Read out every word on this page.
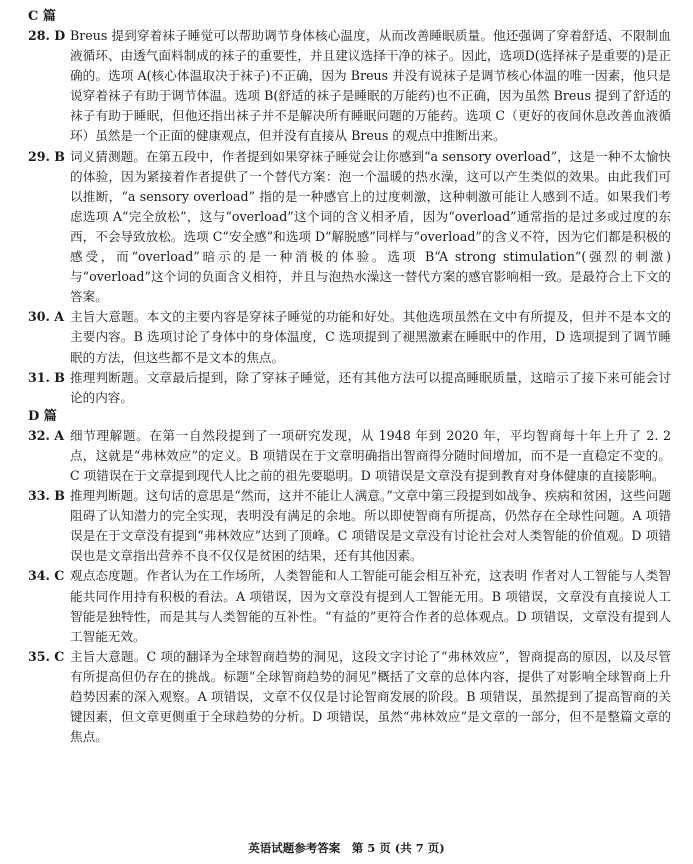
C 篇
28. D Breus 提到穿着袜子睡觉可以帮助调节身体核心温度，从而改善睡眠质量。他还强调了穿着舒适、不限制血液循环、由透气面料制成的袜子的重要性，并且建议选择干净的袜子。因此，选项D(选择袜子是重要的)是正确的。选项 A(核心体温取决于袜子)不正确，因为 Breus 并没有说袜子是调节核心体温的唯一因素，他只是说穿着袜子有助于调节体温。选项 B(舒适的袜子是睡眠的万能药)也不正确，因为虽然 Breus 提到了舒适的袜子有助于睡眠，但他还指出袜子并不是解决所有睡眠问题的万能药。选项 C（更好的夜间休息改善血液循环）虽然是一个正面的健康观点，但并没有直接从 Breus 的观点中推断出来。
29. B 词义猜测题。在第五段中，作者提到如果穿袜子睡觉会让你感到“a sensory overload”，这是一种不太愉快的体验，因为紧接着作者提供了一个替代方案：泡一个温暖的热水澡，这可以产生类似的效果。由此我们可以推断，“a sensory overload” 指的是一种感官上的过度刺激，这种刺激可能让人感到不适。如果我们考虑选项 A“完全放松”，这与“overload”这个词的含义相矛盾，因为“overload”通常指的是过多或过度的东西，不会导致放松。选项 C“安全感”和选项 D“解脱感”同样与“overload”的含义不符，因为它们都是积极的感受，而“overload”暗示的是一种消极的体验。选项 B“A strong stimulation”(强烈的刺激)与“overload”这个词的负面含义相符，并且与泡热水澡这一替代方案的感官影响相一致。是最符合上下文的答案。
30. A 主旨大意题。本文的主要内容是穿袜子睡觉的功能和好处。其他选项虽然在文中有所提及，但并不是本文的主要内容。B 选项讨论了身体中的身体温度，C 选项提到了褪黑激素在睡眠中的作用，D 选项提到了调节睡眠的方法，但这些都不是文本的焦点。
31. B 推理判断题。文章最后提到，除了穿袜子睡觉，还有其他方法可以提高睡眠质量，这暗示了接下来可能会讨论的内容。
D 篇
32. A 细节理解题。在第一自然段提到了一项研究发现，从 1948 年到 2020 年，平均智商每十年上升了 2. 2 点，这就是“弗林效应”的定义。B 项错误在于文章明确指出智商得分随时间增加，而不是一直稳定不变的。C 项错误在于文章提到现代人比之前的祖先要聪明。D 项错误是文章没有提到教育对身体健康的直接影响。
33. B 推理判断题。这句话的意思是“然而，这并不能让人满意。”文章中第三段提到如战争、疾病和贫困，这些问题阻碍了认知潜力的完全实现，表明没有满足的余地。所以即使智商有所提高，仍然存在全球性问题。A 项错误是在于文章没有提到“弗林效应”达到了顶峰。C 项错误是文章没有讨论社会对人类智能的价值观。D 项错误也是文章指出营养不良不仅仅是贫困的结果，还有其他因素。
34. C 观点态度题。作者认为在工作场所，人类智能和人工智能可能会相互补充，这表明 作者对人工智能与人类智能共同作用持有积极的看法。A 项错误，因为文章没有提到人工智能无用。B 项错误，文章没有直接说人工智能是独特性，而是其与人类智能的互补性。“有益的”更符合作者的总体观点。D 项错误，文章没有提到人工智能无效。
35. C 主旨大意题。C 项的翻译为全球智商趋势的洞见，这段文字讨论了“弗林效应”，智商提高的原因，以及尽管有所提高但仍存在的挑战。标题“全球智商趋势的洞见”概括了文章的总体内容，提供了对影响全球智商上升趋势因素的深入观察。A 项错误，文章不仅仅是讨论智商发展的阶段。B 项错误，虽然提到了提高智商的关键因素，但文章更侧重于全球趋势的分析。D 项错误，虽然“弗林效应”是文章的一部分，但不是整篇文章的焦点。
英语试题参考答案　第 5 页 (共 7 页)
